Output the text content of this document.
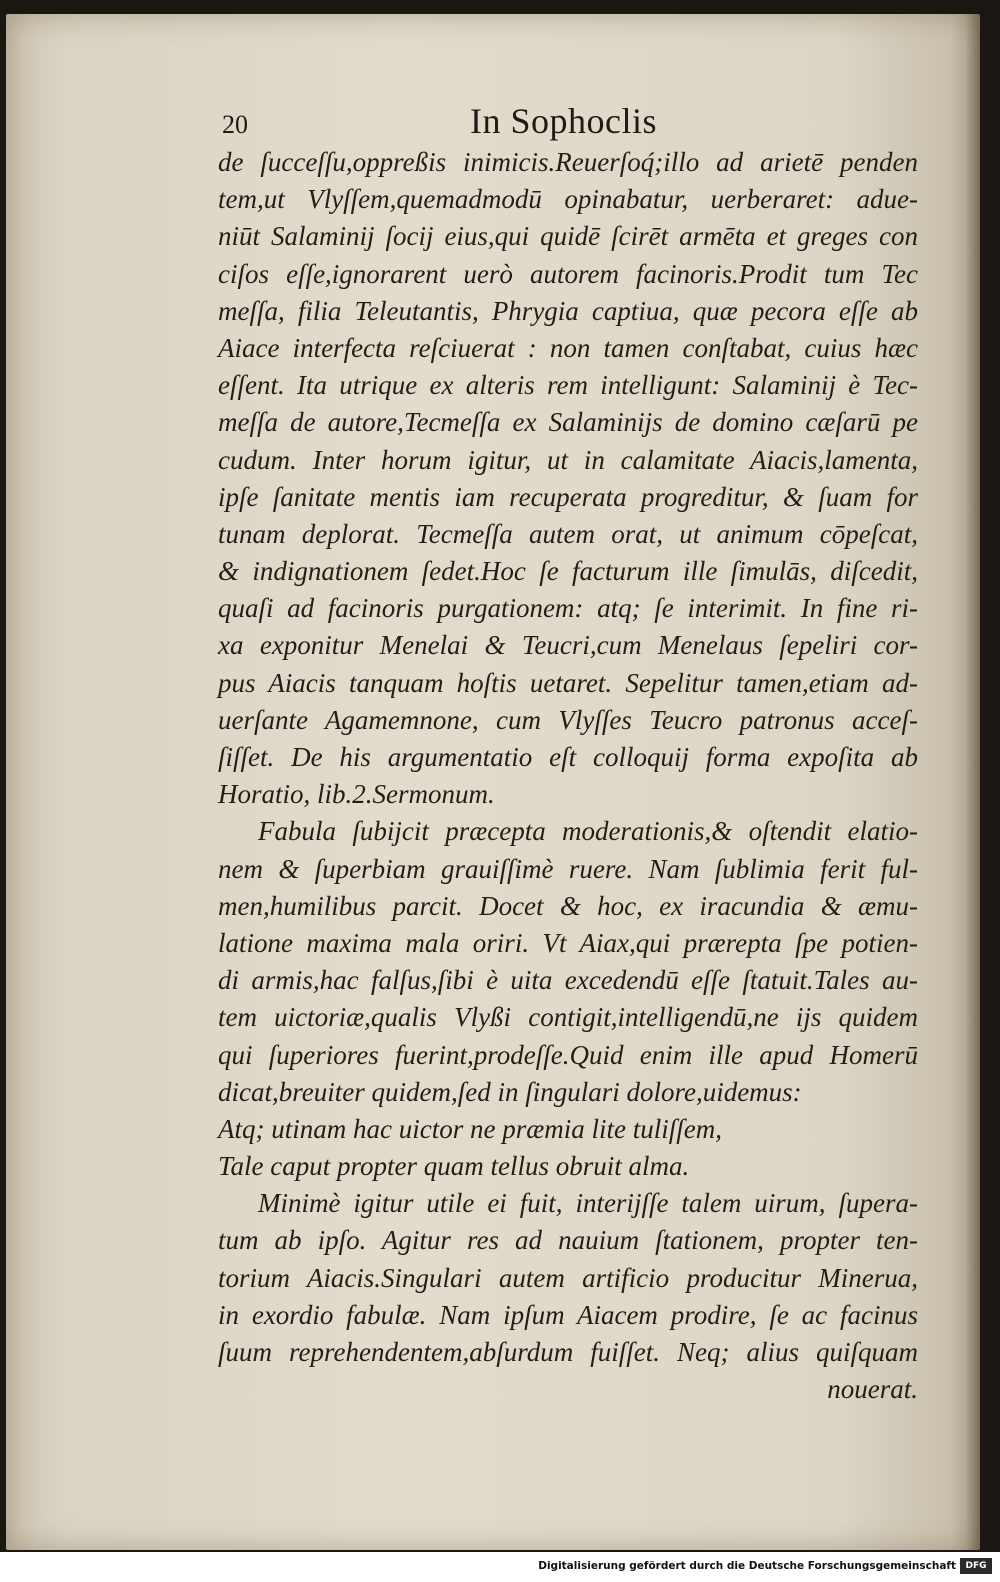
20	In Sophoclis
de ſucceſſu,oppreßis inimicis.Reuerſoq́;illo ad arietē penden
tem,ut Vlyſſem,quemadmodū opinabatur, uerberaret: adue-
niūt Salaminij ſocij eius,qui quidē ſcirēt armēta et greges con
ciſos eſſe,ignorarent uerò autorem facinoris.Prodit tum Tec
meſſa, filia Teleutantis, Phrygia captiua, quæ pecora eſſe ab
Aiace interfecta reſciuerat : non tamen conſtabat, cuius hæc
eſſent. Ita utrique ex alteris rem intelligunt: Salaminij è Tec-
meſſa de autore,Tecmeſſa ex Salaminijs de domino cæſarū pe
cudum. Inter horum igitur, ut in calamitate Aiacis,lamenta,
ipſe ſanitate mentis iam recuperata progreditur, & ſuam for
tunam deplorat. Tecmeſſa autem orat, ut animum cōpeſcat,
& indignationem ſedet.Hoc ſe facturum ille ſimulās, diſcedit,
quaſi ad facinoris purgationem: atq; ſe interimit. In fine ri-
xa exponitur Menelai & Teucri,cum Menelaus ſepeliri cor-
pus Aiacis tanquam hoſtis uetaret. Sepelitur tamen,etiam ad-
uerſante Agamemnone, cum Vlyſſes Teucro patronus acceſ-
ſiſſet. De his argumentatio eſt colloquij forma expoſita ab
Horatio, lib.2.Sermonum.
Fabula ſubijcit præcepta moderationis,& oſtendit elatio-
nem & ſuperbiam grauiſſimè ruere. Nam ſublimia ferit ful-
men,humilibus parcit. Docet & hoc, ex iracundia & æmu-
latione maxima mala oriri. Vt Aiax,qui prærepta ſpe potien-
di armis,hac falſus,ſibi è uita excedendū eſſe ſtatuit.Tales au-
tem uictoriæ,qualis Vlyßi contigit,intelligendū,ne ijs quidem
qui ſuperiores fuerint,prodeſſe.Quid enim ille apud Homerū
dicat,breuiter quidem,ſed in ſingulari dolore,uidemus:
Atq; utinam hac uictor ne præmia lite tuliſſem,
Tale caput propter quam tellus obruit alma.
Minimè igitur utile ei fuit, interijſſe talem uirum, ſupera-
tum ab ipſo. Agitur res ad nauium ſtationem, propter ten-
torium Aiacis.Singulari autem artificio producitur Minerua,
in exordio fabulæ. Nam ipſum Aiacem prodire, ſe ac facinus
ſuum reprehendentem,abſurdum fuiſſet. Neq; alius quiſquam
nouerat.
Digitalisierung gefördert durch die Deutsche Forschungsgemeinschaft	DFG
